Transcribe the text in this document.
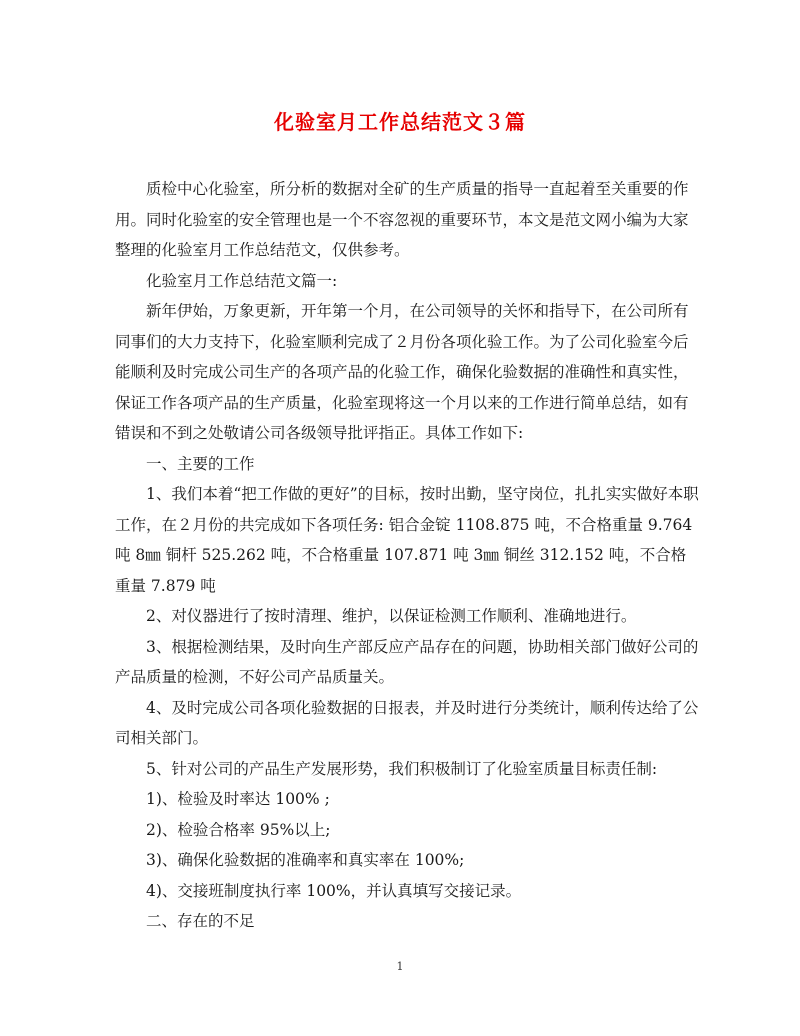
化验室月工作总结范文３篇

质检中心化验室，所分析的数据对全矿的生产质量的指导一直起着至关重要的作用。同时化验室的安全管理也是一个不容忽视的重要环节，本文是范文网小编为大家整理的化验室月工作总结范文，仅供参考。

化验室月工作总结范文篇一:

新年伊始，万象更新，开年第一个月，在公司领导的关怀和指导下，在公司所有同事们的大力支持下，化验室顺利完成了２月份各项化验工作。为了公司化验室今后能顺利及时完成公司生产的各项产品的化验工作，确保化验数据的准确性和真实性，保证工作各项产品的生产质量，化验室现将这一个月以来的工作进行简单总结，如有错误和不到之处敬请公司各级领导批评指正。具体工作如下:

一、主要的工作

1、我们本着“把工作做的更好”的目标，按时出勤，坚守岗位，扎扎实实做好本职工作，在２月份的共完成如下各项任务: 铝合金锭 1108.875 吨，不合格重量 9.764 吨 8㎜ 铜杆 525.262 吨，不合格重量 107.871 吨 3㎜ 铜丝 312.152 吨，不合格重量 7.879 吨

2、对仪器进行了按时清理、维护，以保证检测工作顺利、准确地进行。

3、根据检测结果，及时向生产部反应产品存在的问题，协助相关部门做好公司的产品质量的检测，不好公司产品质量关。

4、及时完成公司各项化验数据的日报表，并及时进行分类统计，顺利传达给了公司相关部门。

5、针对公司的产品生产发展形势，我们积极制订了化验室质量目标责任制:

1)、检验及时率达 100% ;

2)、检验合格率 95%以上;

3)、确保化验数据的准确率和真实率在 100%;

4)、交接班制度执行率 100%，并认真填写交接记录。

二、存在的不足

1
